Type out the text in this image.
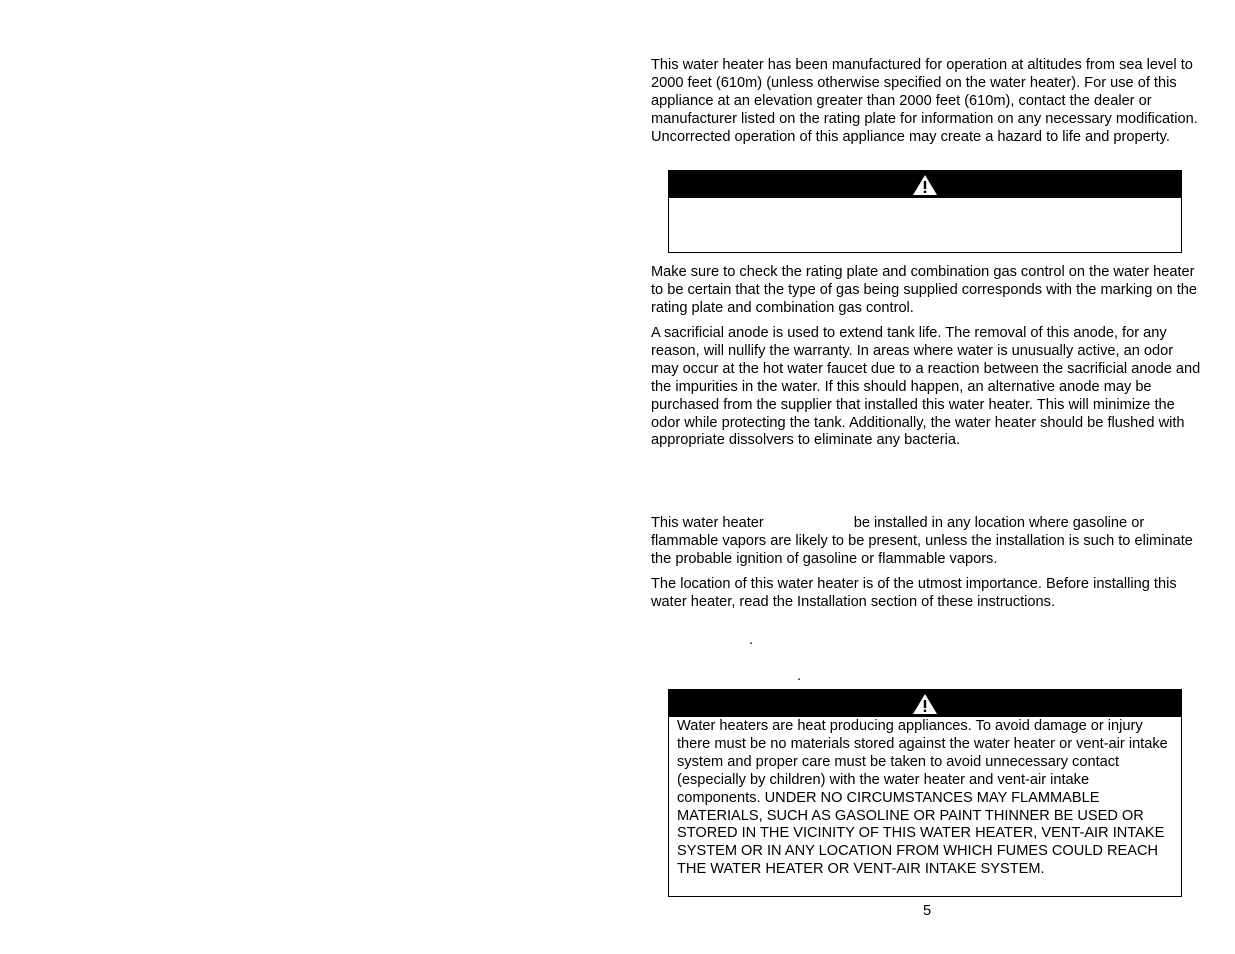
This water heater has been manufactured for operation at altitudes from sea level to 2000 feet (610m) (unless otherwise specified on the water heater). For use of this appliance at an elevation greater than 2000 feet (610m), contact the dealer or manufacturer listed on the rating plate for information on any necessary modification. Uncorrected operation of this appliance may create a hazard to life and property.

Make sure to check the rating plate and combination gas control on the water heater to be certain that the type of gas being supplied corresponds with the marking on the rating plate and combination gas control.

A sacrificial anode is used to extend tank life. The removal of this anode, for any reason, will nullify the warranty. In areas where water is unusually active, an odor may occur at the hot water faucet due to a reaction between the sacrificial anode and the impurities in the water. If this should happen, an alternative anode may be purchased from the supplier that installed this water heater. This will minimize the odor while protecting the tank. Additionally, the water heater should be flushed with appropriate dissolvers to eliminate any bacteria.

This water heater	be installed in any location where gasoline or flammable vapors are likely to be present, unless the installation is such to eliminate the probable ignition of gasoline or flammable vapors.

The location of this water heater is of the utmost importance. Before installing this water heater, read the Installation section of these instructions.

.
.
Water heaters are heat producing appliances. To avoid damage or injury there must be no materials stored against the water heater or vent-air intake system and proper care must be taken to avoid unnecessary contact (especially by children) with the water heater and vent-air intake components. UNDER NO CIRCUMSTANCES MAY FLAMMABLE MATERIALS, SUCH AS GASOLINE OR PAINT THINNER BE USED OR STORED IN THE VICINITY OF THIS WATER HEATER, VENT-AIR INTAKE SYSTEM OR IN ANY LOCATION FROM WHICH FUMES COULD REACH THE WATER HEATER OR VENT-AIR INTAKE SYSTEM.
5
